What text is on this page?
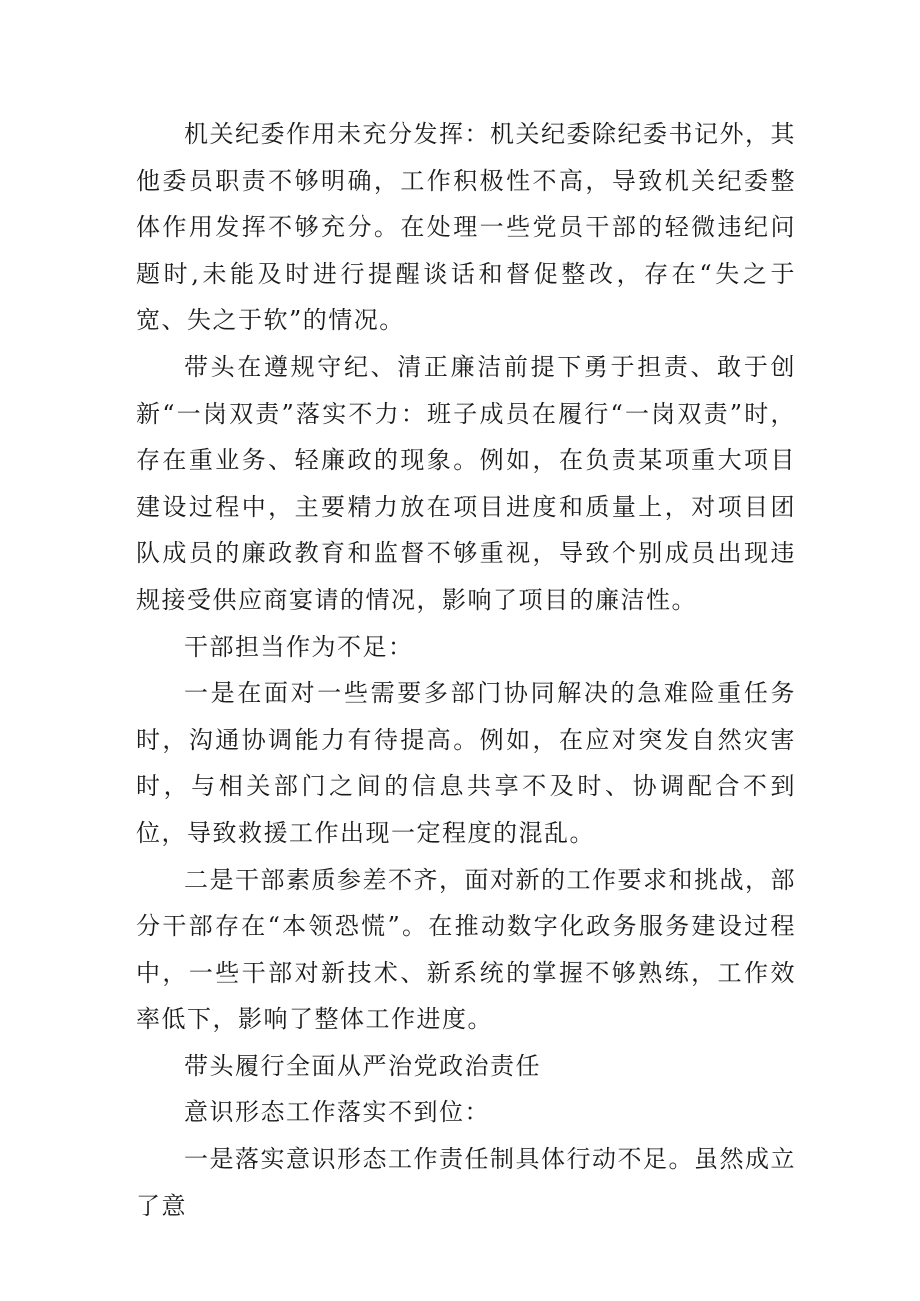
机关纪委作用未充分发挥：机关纪委除纪委书记外，其他委员职责不够明确，工作积极性不高，导致机关纪委整体作用发挥不够充分。在处理一些党员干部的轻微违纪问题时,未能及时进行提醒谈话和督促整改，存在“失之于宽、失之于软”的情况。

带头在遵规守纪、清正廉洁前提下勇于担责、敢于创新“一岗双责”落实不力：班子成员在履行“一岗双责”时，存在重业务、轻廉政的现象。例如，在负责某项重大项目建设过程中，主要精力放在项目进度和质量上，对项目团队成员的廉政教育和监督不够重视，导致个别成员出现违规接受供应商宴请的情况，影响了项目的廉洁性。

干部担当作为不足：

一是在面对一些需要多部门协同解决的急难险重任务时，沟通协调能力有待提高。例如，在应对突发自然灾害时，与相关部门之间的信息共享不及时、协调配合不到位，导致救援工作出现一定程度的混乱。

二是干部素质参差不齐，面对新的工作要求和挑战，部分干部存在“本领恐慌”。在推动数字化政务服务建设过程中，一些干部对新技术、新系统的掌握不够熟练，工作效率低下，影响了整体工作进度。

带头履行全面从严治党政治责任

意识形态工作落实不到位：

一是落实意识形态工作责任制具体行动不足。虽然成立了意
